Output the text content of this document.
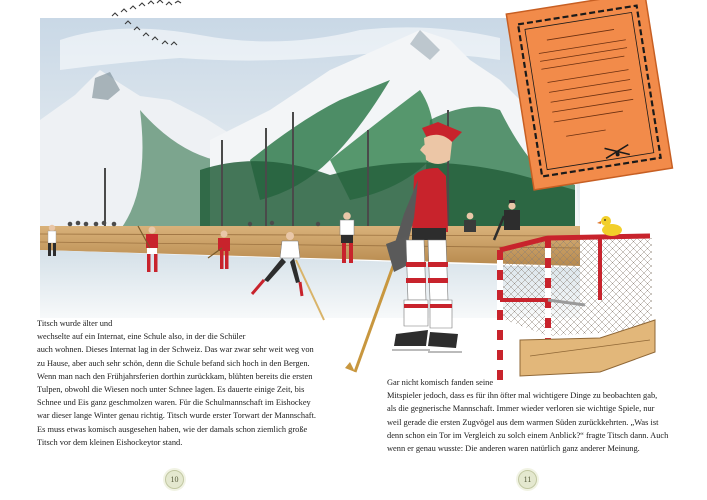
Titsch wurde älter und

wechselte auf ein Internat, eine Schule also, in der die Schüler

auch wohnen. Dieses Internat lag in der Schweiz. Das war zwar sehr weit weg von

zu Hause, aber auch sehr schön, denn die Schule befand sich hoch in den Bergen.

Wenn man nach den Frühjahrsferien dorthin zurückkam, blühten bereits die ersten

Tulpen, obwohl die Wiesen noch unter Schnee lagen. Es dauerte einige Zeit, bis

Schnee und Eis ganz geschmolzen waren. Für die Schulmannschaft im Eishockey

war dieser lange Winter genau richtig. Titsch wurde erster Torwart der Mannschaft.

Es muss etwas komisch ausgesehen haben, wie der damals schon ziemlich große

Titsch vor dem kleinen Eishockeytor stand.

Gar nicht komisch fanden seine

Mitspieler jedoch, dass es für ihn öfter mal wichtigere Dinge zu beobachten gab,

als die gegnerische Mannschaft. Immer wieder verloren sie wichtige Spiele, nur

weil gerade die ersten Zugvögel aus dem warmen Süden zurückkehrten. „Was ist

denn schon ein Tor im Vergleich zu solch einem Anblick?“ fragte Titsch dann. Auch

wenn er genau wusste: Die anderen waren natürlich ganz anderer Meinung.

10	11
